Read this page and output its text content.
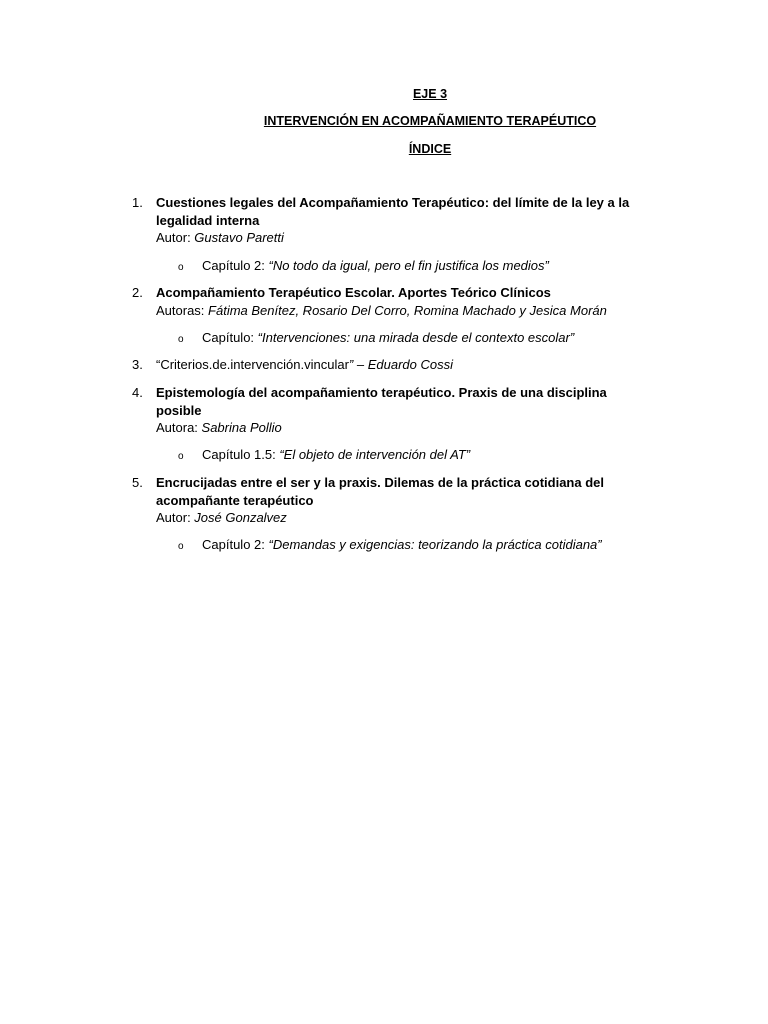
EJE 3
INTERVENCIÓN EN ACOMPAÑAMIENTO TERAPÉUTICO
ÍNDICE
1.	Cuestiones legales del Acompañamiento Terapéutico: del límite de la ley a la
legalidad interna
Autor: Gustavo Paretti
o Capítulo 2: “No todo da igual, pero el fin justifica los medios”
2.	Acompañamiento Terapéutico Escolar. Aportes Teórico Clínicos
Autoras: Fátima Benítez, Rosario Del Corro, Romina Machado y Jesica Morán
o Capítulo: “Intervenciones: una mirada desde el contexto escolar”
3.	“Criterios.de.intervención.vincular” – Eduardo Cossi
4.	Epistemología del acompañamiento terapéutico. Praxis de una disciplina
posible
Autora: Sabrina Pollio
o Capítulo 1.5: “El objeto de intervención del AT”
5.	Encrucijadas entre el ser y la praxis. Dilemas de la práctica cotidiana del
acompañante terapéutico
Autor: José Gonzalvez
o Capítulo 2: “Demandas y exigencias: teorizando la práctica cotidiana”
